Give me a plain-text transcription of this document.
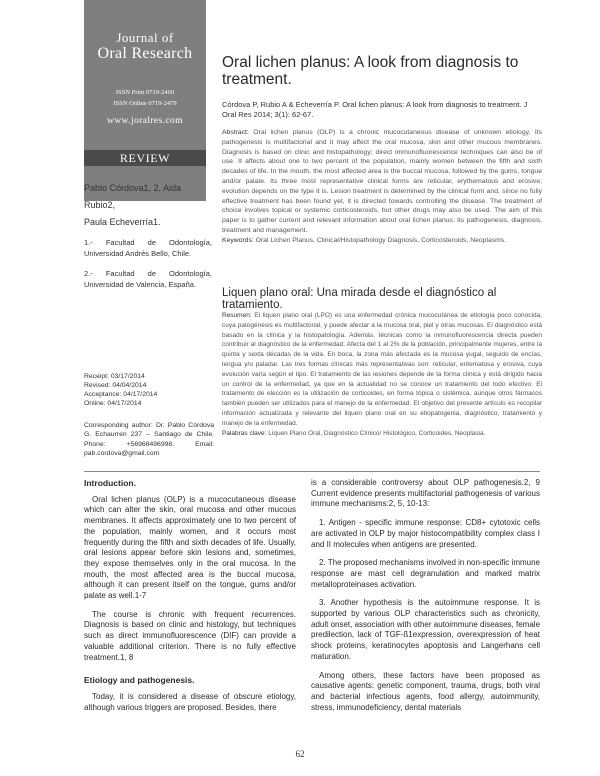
Journal of
Oral Research
ISSN Print 0719-2460
ISSN Online 0719-2479
www.joralres.com
REVIEW
Pablo Córdova1, 2, Aida Rubio2,
Paula Echeverría1.
1.- Facultad de Odontología, Universidad Andrés Bello, Chile.
2.- Facultad de Odontología, Universidad de Valencia, España.
Receipt: 03/17/2014
Revised: 04/04/2014
Acceptance: 04/17/2014
Online: 04/17/2014
Corresponding author: Dr. Pablo Córdova G. Echaurren 237 – Santiago de Chile. Phone: +56968496998. Email: pab.cordova@gmail.com
Oral lichen planus: A look from diagnosis to treatment.
Córdova P, Rubio A & Echeverría P. Oral lichen planus: A look from diagnosis to treatment. J Oral Res 2014; 3(1): 62-67.

Abstract: Oral lichen planus (OLP) is a chronic mucocutaneous disease of unknown etiology. Its pathogenesis is multifactorial and it may affect the oral mucosa, skin and other mucous membranes. Diagnosis is based on clinic and histopathology; direct immunofluorescence techniques can also be of use. It affects about one to two percent of the population, mainly women between the fifth and sixth decades of life. In the mouth, the most affected area is the buccal mucosa, followed by the gums, tongue and/or palate. Its three most representative clinical forms are reticular, erythematous and erosive; evolution depends on the type it is. Lesion treatment is determined by the clinical form and, since no fully effective treatment has been found yet, it is directed towards controlling the disease. The treatment of choice involves topical or systemic corticosteroids, but other drugs may also be used. The aim of this paper is to gather current and relevant information about oral lichen planus: its pathogenesis, diagnosis, treatment and management.

Keywords: Oral Lichen Planus, Clinical/Histopathology Diagnosis, Corticosteroids, Neoplasms.

Liquen plano oral: Una mirada desde el diagnóstico al tratamiento.

Resumen: El liquen plano oral (LPO) es una enfermedad crónica mucocutánea de etiología poco conocida, cuya patogénesis es multifactorial, y puede afectar a la mucosa oral, piel y otras mucosas. El diagnóstico está basado en la clínica y la histopatología. Además, técnicas como la inmunofluorescencia directa pueden contribuir al diagnóstico de la enfermedad. Afecta del 1 al 2% de la población, principalmente mujeres, entre la quinta y sexta décadas de la vida. En boca, la zona más afectada es la mucosa yugal, seguido de encías, lengua y/o paladar. Las tres formas clínicas más representativas son: reticular, eritematosa y erosiva, cuya evolución varía según el tipo. El tratamiento de las lesiones depende de la forma clínica y está dirigido hacia un control de la enfermedad, ya que en la actualidad no se conoce un tratamiento del todo efectivo. El tratamiento de elección es la utilización de corticoides, en forma tópica o sistémica, aunque otros fármacos también pueden ser utilizados para el manejo de la enfermedad. El objetivo del presente artículo es recopilar información actualizada y relevante del liquen plano oral en su etiopatogenia, diagnóstico, tratamiento y manejo de la enfermedad.

Palabras clave: Liquen Plano Oral, Diagnóstico Clínico/ Histológico, Corticoides, Neoplasia.

Introduction.

Oral lichen planus (OLP) is a mucocutaneous disease which can alter the skin, oral mucosa and other mucous membranes. It affects approximately one to two percent of the population, mainly women, and it occurs most frequently during the fifth and sixth decades of life. Usually, oral lesions appear before skin lesions and, sometimes, they expose themselves only in the oral mucosa. In the mouth, the most affected area is the buccal mucosa, although it can present itself on the tongue, gums and/or palate as well.1-7

The course is chronic with frequent recurrences. Diagnosis is based on clinic and histology, but techniques such as direct immunofluorescence (DIF) can provide a valuable additional criterion. There is no fully effective treatment.1, 8

Etiology and pathogenesis.

Today, it is considered a disease of obscure etiology, although various triggers are proposed. Besides, there

is a considerable controversy about OLP pathogenesis.2, 9 Current evidence presents multifactorial pathogenesis of various immune mechanisms:2, 5, 10-13:

1. Antigen - specific immune response: CD8+ cytotoxic cells are activated in OLP by major histocompatibility complex class I and II molecules when antigens are presented.

2. The proposed mechanisms involved in non-specific immune response are mast cell degranulation and marked matrix metalloproteinases activation.

3. Another hypothesis is the autoimmune response. It is supported by various OLP characteristics such as chronicity, adult onset, association with other autoimmune diseases, female predilection, lack of TGF-ß1expression, overexpression of heat shock proteins, keratinocytes apoptosis and Langerhans cell maturation.

Among others, these factors have been proposed as causative agents: genetic component, trauma, drugs, both viral and bacterial infectious agents, food allergy, autoimmunity, stress, immunodeficiency, dental materials

62
